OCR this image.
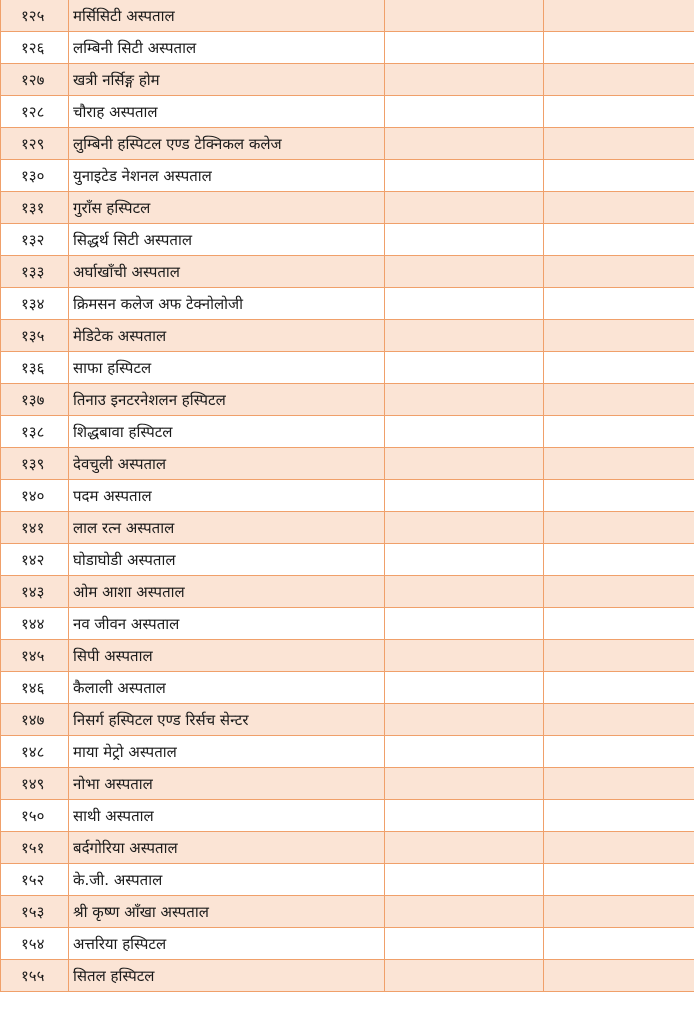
१२५	मर्सिसिटी अस्पताल		
१२६	लम्बिनी सिटी अस्पताल		
१२७	खत्री नर्सिङ्ग होम		
१२८	चौराह अस्पताल		
१२९	लुम्बिनी हस्पिटल एण्ड टेक्निकल कलेज		
१३०	युनाइटेड नेशनल अस्पताल		
१३१	गुराँस हस्पिटल		
१३२	सिद्धर्थ सिटी अस्पताल		
१३३	अर्घाखाँची अस्पताल		
१३४	क्रिमसन कलेज अफ टेक्नोलोजी		
१३५	मेडिटेक अस्पताल		
१३६	साफा हस्पिटल		
१३७	तिनाउ इनटरनेशलन हस्पिटल		
१३८	शिद्धबावा हस्पिटल		
१३९	देवचुली अस्पताल		
१४०	पदम अस्पताल		
१४१	लाल रत्न अस्पताल		
१४२	घोडाघोडी अस्पताल		
१४३	ओम आशा अस्पताल		
१४४	नव जीवन अस्पताल		
१४५	सिपी अस्पताल		
१४६	कैलाली अस्पताल		
१४७	निसर्ग हस्पिटल एण्ड रिर्सच सेन्टर		
१४८	माया मेट्रो अस्पताल		
१४९	नोभा अस्पताल		
१५०	साथी अस्पताल		
१५१	बर्दगोरिया अस्पताल		
१५२	के.जी. अस्पताल		
१५३	श्री कृष्ण आँखा अस्पताल		
१५४	अत्तरिया हस्पिटल		
१५५	सितल हस्पिटल		
